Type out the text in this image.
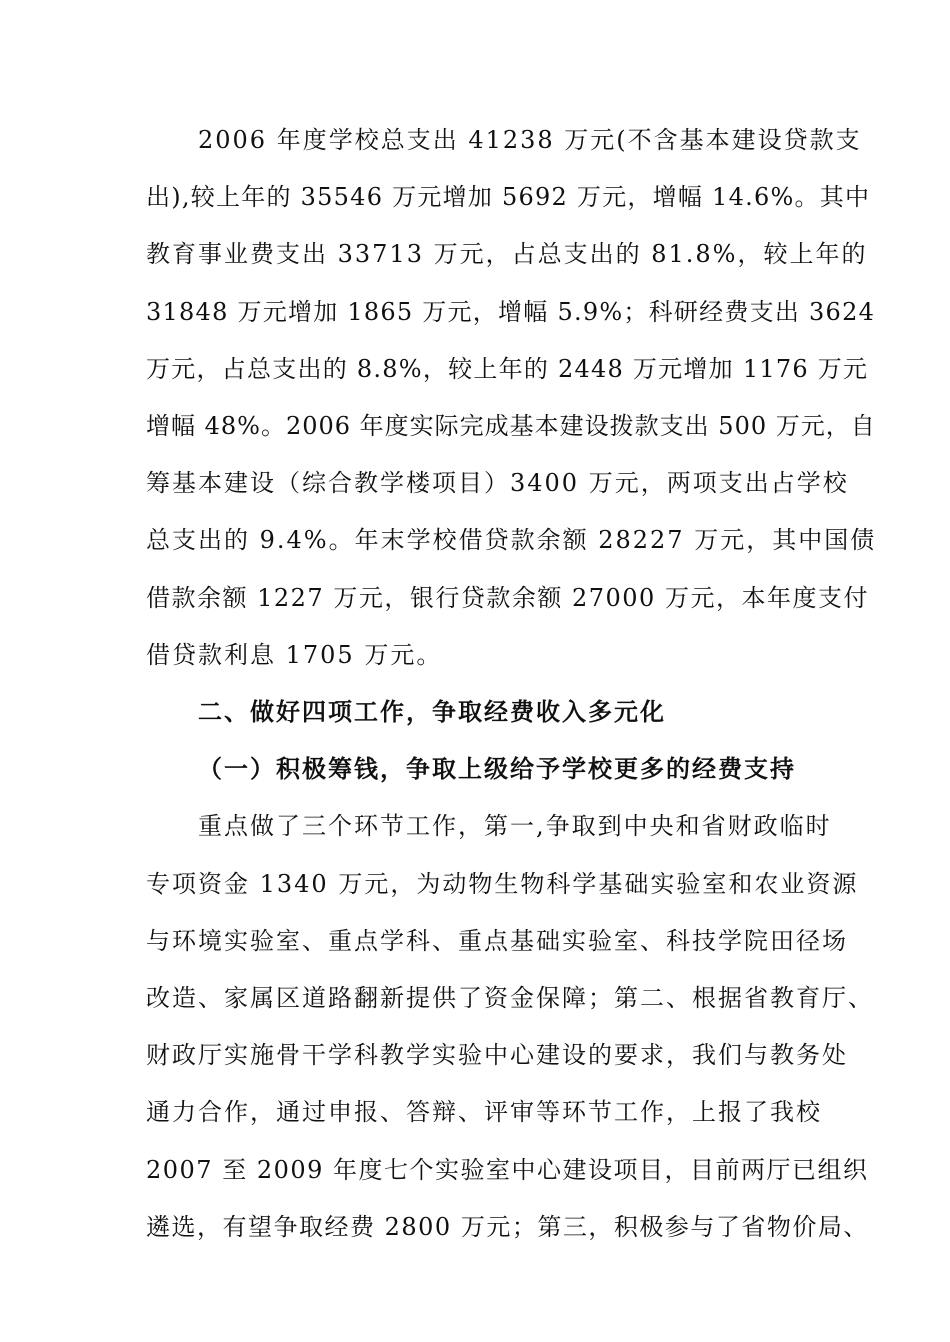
2006 年度学校总支出 41238 万元(不含基本建设贷款支
出),较上年的 35546 万元增加 5692 万元，增幅 14.6%。其中
教育事业费支出 33713 万元，占总支出的 81.8%，较上年的
31848 万元增加 1865 万元，增幅 5.9%；科研经费支出 3624
万元，占总支出的 8.8%，较上年的 2448 万元增加 1176 万元
增幅 48%。2006 年度实际完成基本建设拨款支出 500 万元，自
筹基本建设（综合教学楼项目）3400 万元，两项支出占学校
总支出的 9.4%。年末学校借贷款余额 28227 万元，其中国债
借款余额 1227 万元，银行贷款余额 27000 万元，本年度支付
借贷款利息 1705 万元。

二、做好四项工作，争取经费收入多元化

（一）积极筹钱，争取上级给予学校更多的经费支持

重点做了三个环节工作，第一,争取到中央和省财政临时
专项资金 1340 万元，为动物生物科学基础实验室和农业资源
与环境实验室、重点学科、重点基础实验室、科技学院田径场
改造、家属区道路翻新提供了资金保障；第二、根据省教育厅、
财政厅实施骨干学科教学实验中心建设的要求，我们与教务处
通力合作，通过申报、答辩、评审等环节工作，上报了我校
2007 至 2009 年度七个实验室中心建设项目，目前两厅已组织
遴选，有望争取经费 2800 万元；第三，积极参与了省物价局、
